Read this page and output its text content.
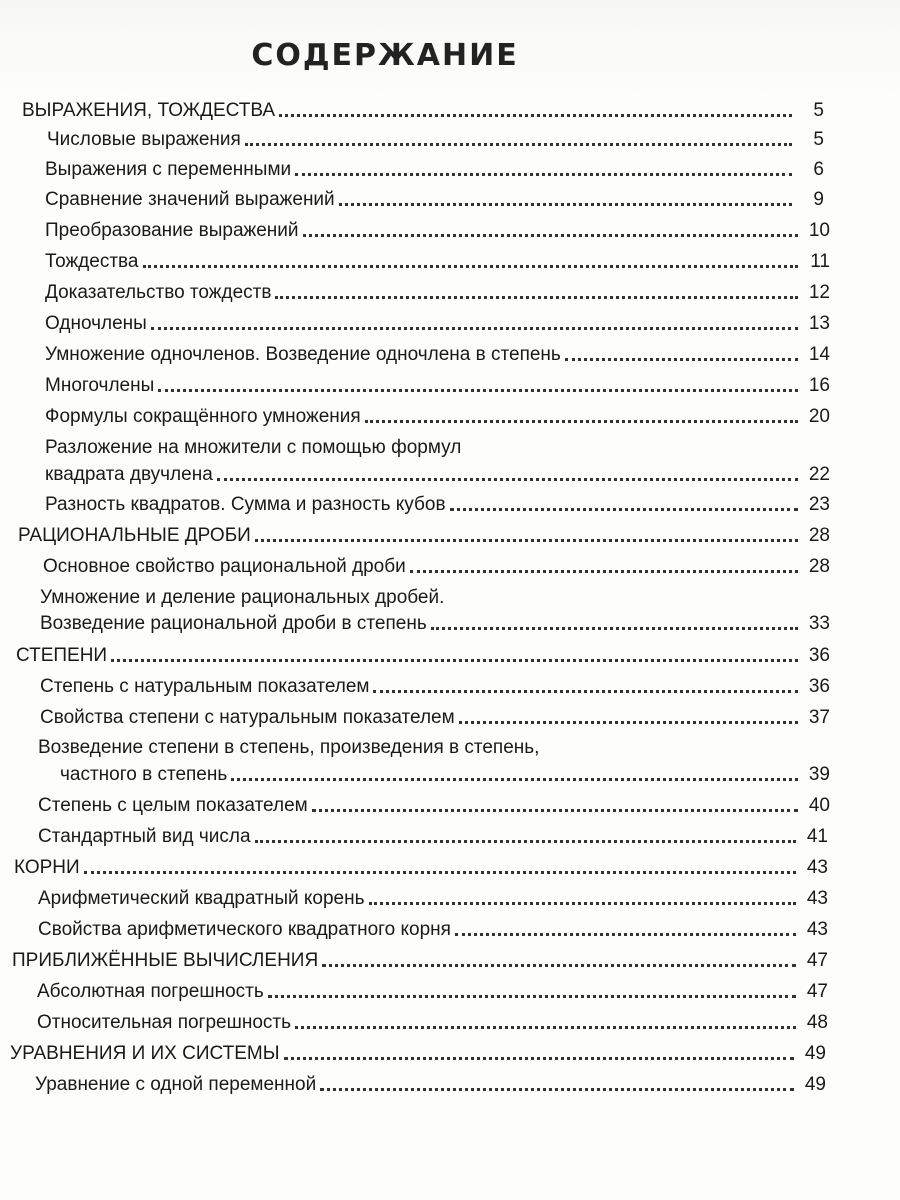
СОДЕРЖАНИЕ
ВЫРАЖЕНИЯ, ТОЖДЕСТВА	5
Числовые выражения	5
Выражения с переменными	6
Сравнение значений выражений	9
Преобразование выражений	10
Тождества	11
Доказательство тождеств	12
Одночлены	13
Умножение одночленов. Возведение одночлена в степень	14
Многочлены	16
Формулы сокращённого умножения	20
Разложение на множители с помощью формул
квадрата двучлена	22
Разность квадратов. Сумма и разность кубов	23
РАЦИОНАЛЬНЫЕ ДРОБИ	28
Основное свойство рациональной дроби	28
Умножение и деление рациональных дробей.
Возведение рациональной дроби в степень	33
СТЕПЕНИ	36
Степень с натуральным показателем	36
Свойства степени с натуральным показателем	37
Возведение степени в степень, произведения в степень,
частного в степень	39
Степень с целым показателем	40
Стандартный вид числа	41
КОРНИ	43
Арифметический квадратный корень	43
Свойства арифметического квадратного корня	43
ПРИБЛИЖЁННЫЕ ВЫЧИСЛЕНИЯ	47
Абсолютная погрешность	47
Относительная погрешность	48
УРАВНЕНИЯ И ИХ СИСТЕМЫ	49
Уравнение с одной переменной	49
